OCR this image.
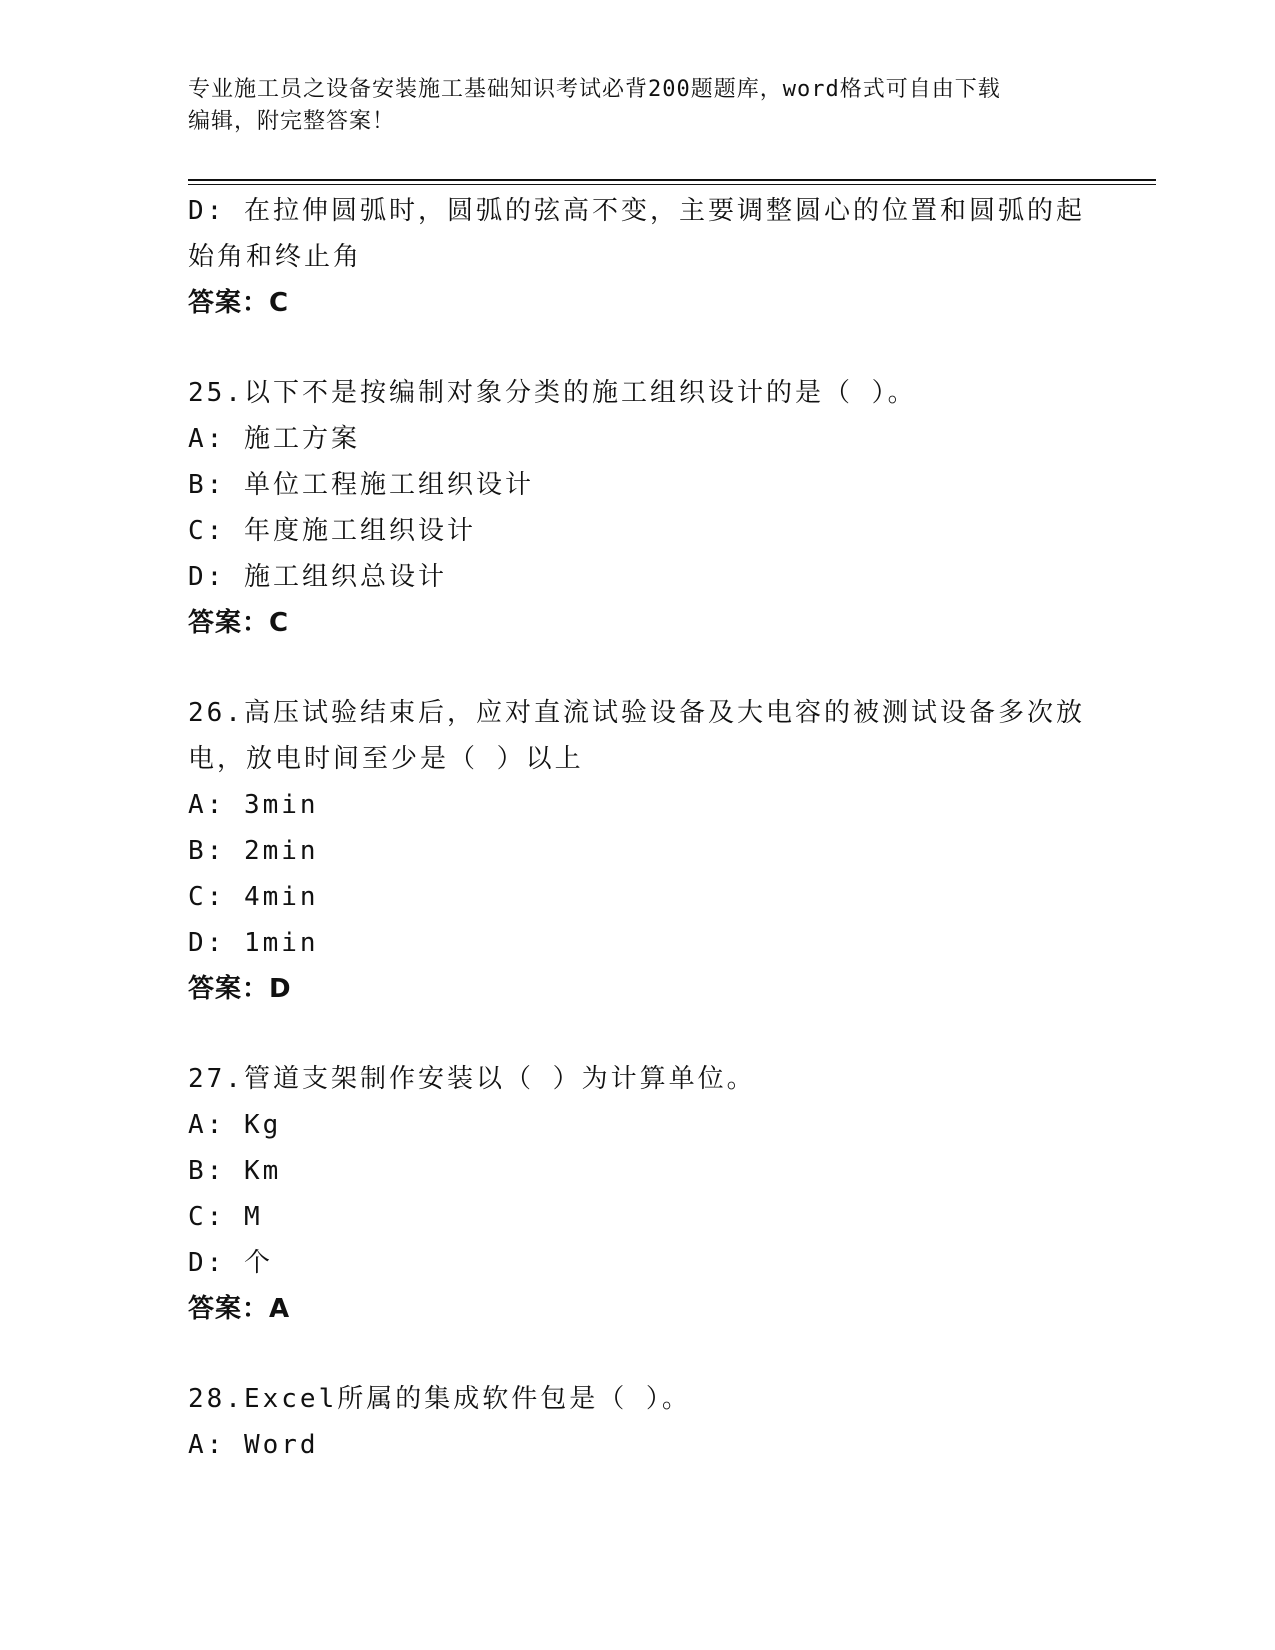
专业施工员之设备安装施工基础知识考试必背200题题库，word格式可自由下载
编辑，附完整答案！
D: 在拉伸圆弧时，圆弧的弦高不变，主要调整圆心的位置和圆弧的起
始角和终止角
答案：C
25.以下不是按编制对象分类的施工组织设计的是（ ）。
A: 施工方案
B: 单位工程施工组织设计
C: 年度施工组织设计
D: 施工组织总设计
答案：C
26.高压试验结束后，应对直流试验设备及大电容的被测试设备多次放
电，放电时间至少是（ ）以上
A: 3min
B: 2min
C: 4min
D: 1min
答案：D
27.管道支架制作安装以（ ）为计算单位。
A: Kg
B: Km
C: M
D: 个
答案：A
28.Excel所属的集成软件包是（ ）。
A: Word
